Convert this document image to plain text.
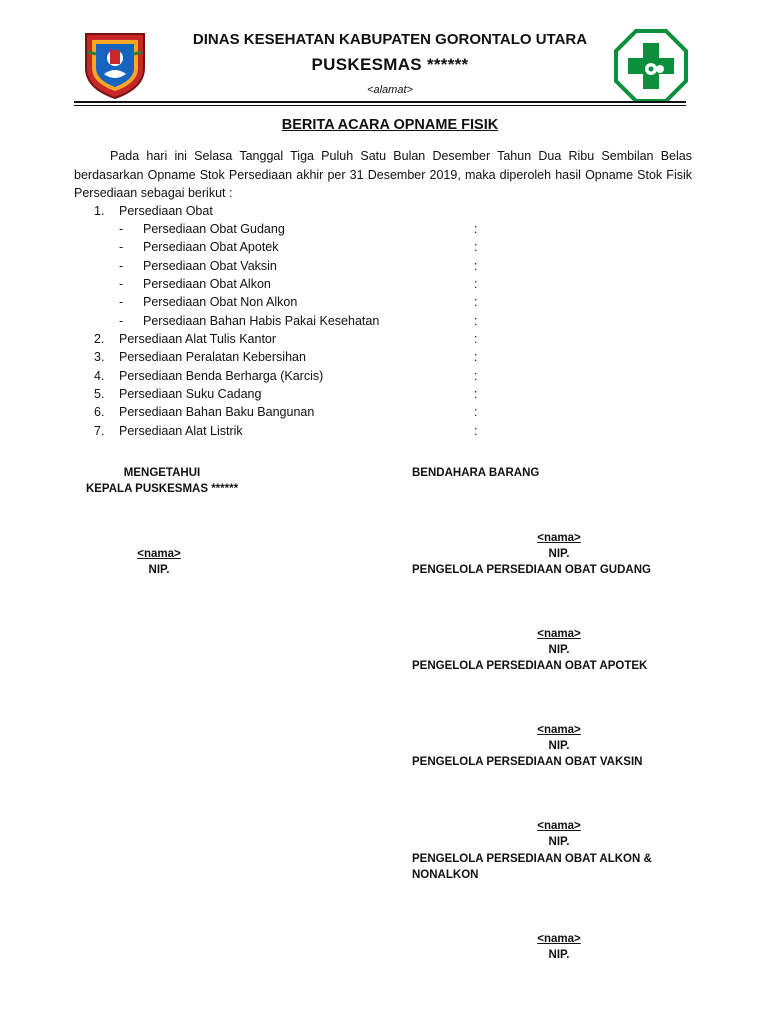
DINAS KESEHATAN KABUPATEN GORONTALO UTARA
PUSKESMAS ******
<alamat>
BERITA ACARA OPNAME FISIK
Pada hari ini Selasa Tanggal Tiga Puluh Satu Bulan Desember Tahun Dua Ribu Sembilan Belas berdasarkan Opname Stok Persediaan akhir per 31 Desember 2019, maka diperoleh hasil Opname Stok Fisik Persediaan sebagai berikut :
1.	Persediaan Obat
- Persediaan Obat Gudang	:
- Persediaan Obat Apotek	:
- Persediaan Obat Vaksin	:
- Persediaan Obat Alkon	:
- Persediaan Obat Non Alkon	:
- Persediaan Bahan Habis Pakai Kesehatan	:
2.	Persediaan Alat Tulis Kantor	:
3.	Persediaan Peralatan Kebersihan	:
4.	Persediaan Benda Berharga (Karcis)	:
5.	Persediaan Suku Cadang	:
6.	Persediaan Bahan Baku Bangunan	:
7.	Persediaan Alat Listrik	:
MENGETAHUI
KEPALA PUSKESMAS ******
<nama>
NIP.
BENDAHARA BARANG
<nama>
NIP.
PENGELOLA PERSEDIAAN OBAT GUDANG
<nama>
NIP.
PENGELOLA PERSEDIAAN OBAT APOTEK
<nama>
NIP.
PENGELOLA PERSEDIAAN OBAT VAKSIN
<nama>
NIP.
PENGELOLA PERSEDIAAN OBAT ALKON & NONALKON
<nama>
NIP.
